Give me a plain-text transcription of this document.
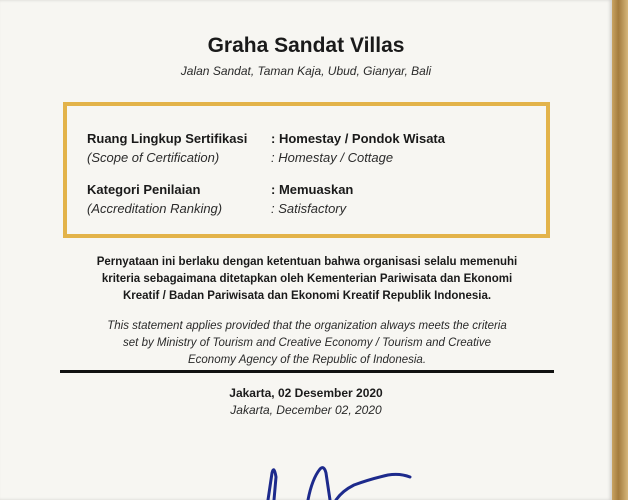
Graha Sandat Villas
Jalan Sandat, Taman Kaja, Ubud, Gianyar, Bali
Ruang Lingkup Sertifikasi
(Scope of Certification)
: Homestay / Pondok Wisata
: Homestay / Cottage
Kategori Penilaian
(Accreditation Ranking)
: Memuaskan
: Satisfactory
Pernyataan ini berlaku dengan ketentuan bahwa organisasi selalu memenuhi
kriteria sebagaimana ditetapkan oleh Kementerian Pariwisata dan Ekonomi
Kreatif / Badan Pariwisata dan Ekonomi Kreatif Republik Indonesia.
This statement applies provided that the organization always meets the criteria
set by Ministry of Tourism and Creative Economy / Tourism and Creative
Economy Agency of the Republic of Indonesia.
Jakarta, 02 Desember 2020
Jakarta, December 02, 2020
